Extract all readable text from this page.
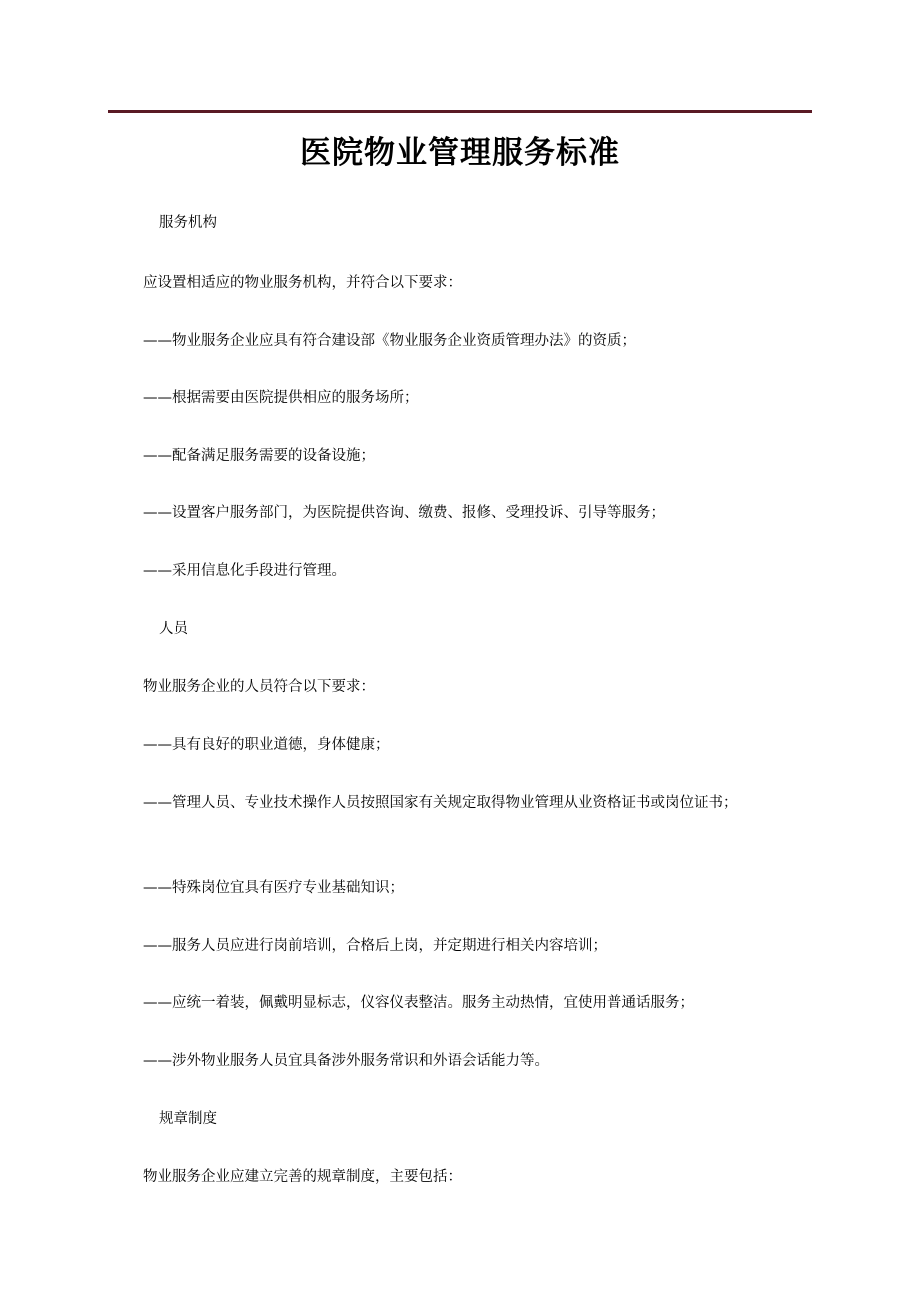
医院物业管理服务标准
服务机构
应设置相适应的物业服务机构，并符合以下要求：
——物业服务企业应具有符合建设部《物业服务企业资质管理办法》的资质；
——根据需要由医院提供相应的服务场所；
——配备满足服务需要的设备设施；
——设置客户服务部门，为医院提供咨询、缴费、报修、受理投诉、引导等服务；
——采用信息化手段进行管理。
人员
物业服务企业的人员符合以下要求：
——具有良好的职业道德，身体健康；
——管理人员、专业技术操作人员按照国家有关规定取得物业管理从业资格证书或岗位证书；
——特殊岗位宜具有医疗专业基础知识；
——服务人员应进行岗前培训，合格后上岗，并定期进行相关内容培训；
——应统一着装，佩戴明显标志，仪容仪表整洁。服务主动热情，宜使用普通话服务；
——涉外物业服务人员宜具备涉外服务常识和外语会话能力等。
规章制度
物业服务企业应建立完善的规章制度，主要包括：
